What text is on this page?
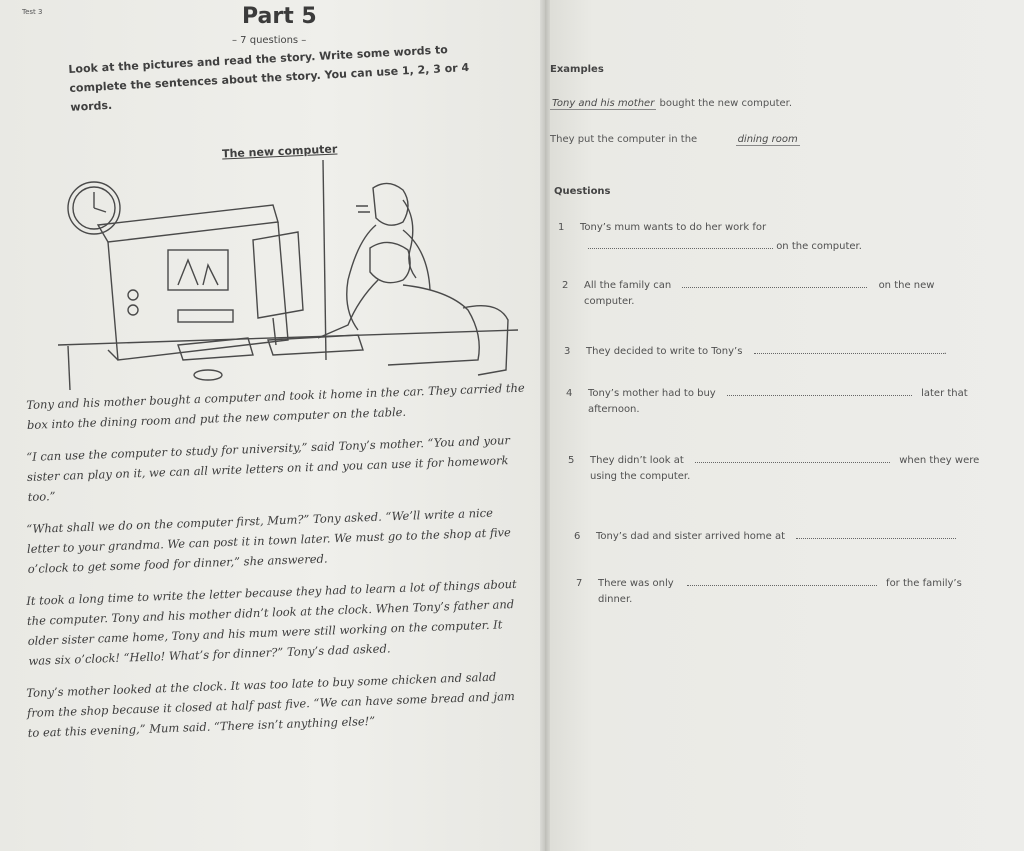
Test 3	Part 5
– 7 questions –
Look at the pictures and read the story. Write some words to complete the sentences about the story. You can use 1, 2, 3 or 4 words.
The new computer

Tony and his mother bought a computer and took it home in the car. They carried the box into the dining room and put the new computer on the table.

“I can use the computer to study for university,” said Tony’s mother. “You and your sister can play on it, we can all write letters on it and you can use it for homework too.”

“What shall we do on the computer first, Mum?” Tony asked. “We’ll write a nice letter to your grandma. We can post it in town later. We must go to the shop at five o’clock to get some food for dinner,” she answered.

It took a long time to write the letter because they had to learn a lot of things about the computer. Tony and his mother didn’t look at the clock. When Tony’s father and older sister came home, Tony and his mum were still working on the computer. It was six o’clock! “Hello! What’s for dinner?” Tony’s dad asked.

Tony’s mother looked at the clock. It was too late to buy some chicken and salad from the shop because it closed at half past five. “We can have some bread and jam to eat this evening,” Mum said. “There isn’t anything else!”

Examples
Tony and his mother bought the new computer.
They put the computer in the	dining room
Questions
1 Tony’s mum wants to do her work for
on the computer.
2 All the family can	on the new
computer.
3 They decided to write to Tony’s	.
4 Tony’s mother had to buy	later that
afternoon.
5 They didn’t look at	when they were
using the computer.
6 Tony’s dad and sister arrived home at
7 There was only	for the family’s
dinner.
